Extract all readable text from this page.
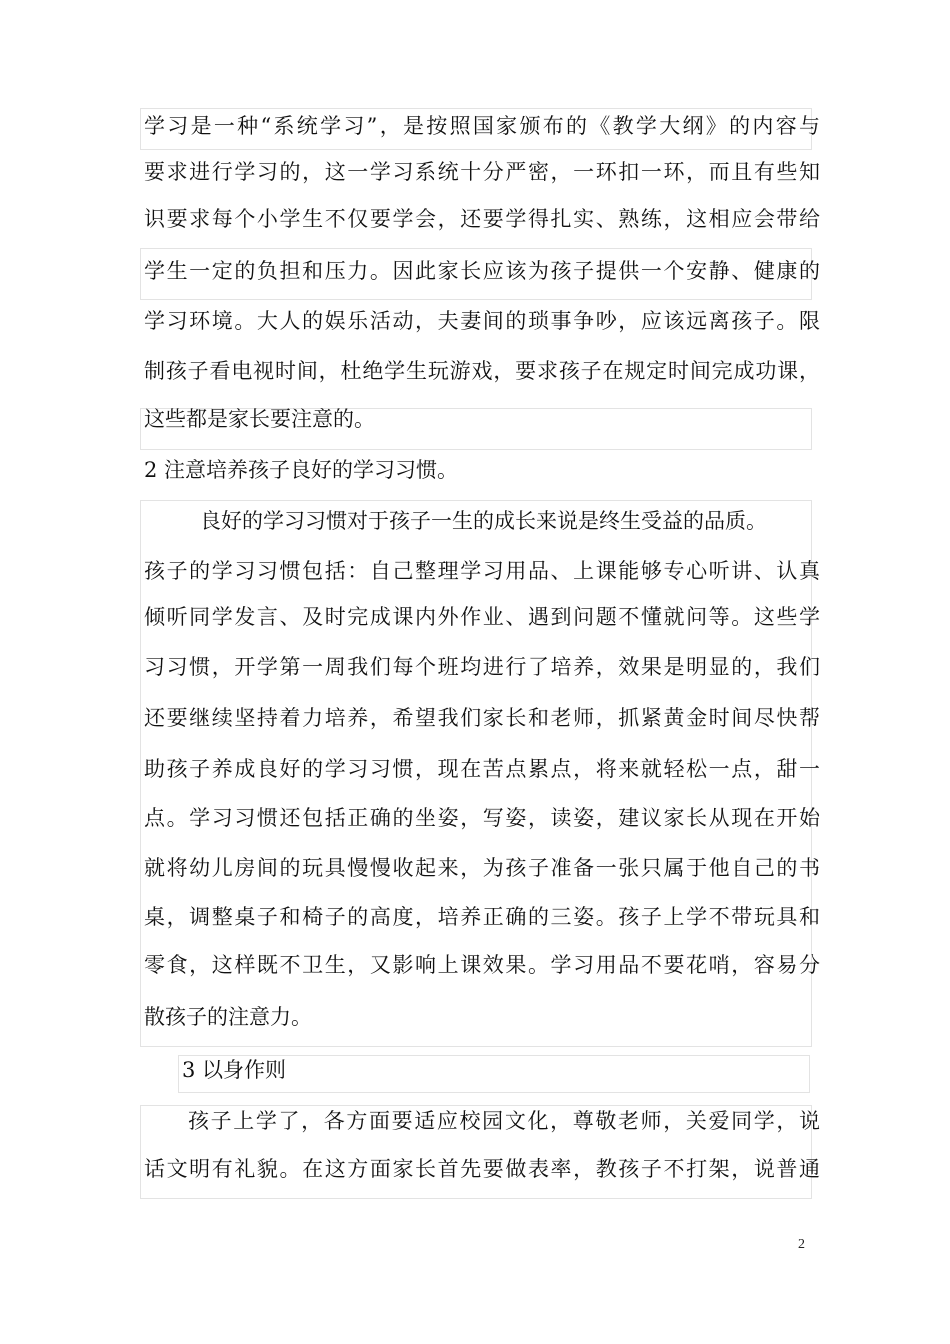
学习是一种“系统学习”，是按照国家颁布的《教学大纲》的内容与
要求进行学习的，这一学习系统十分严密，一环扣一环，而且有些知
识要求每个小学生不仅要学会，还要学得扎实、熟练，这相应会带给
学生一定的负担和压力。因此家长应该为孩子提供一个安静、健康的
学习环境。大人的娱乐活动，夫妻间的琐事争吵，应该远离孩子。限
制孩子看电视时间，杜绝学生玩游戏，要求孩子在规定时间完成功课，
这些都是家长要注意的。
2 注意培养孩子良好的学习习惯。
良好的学习习惯对于孩子一生的成长来说是终生受益的品质。
孩子的学习习惯包括：自己整理学习用品、上课能够专心听讲、认真
倾听同学发言、及时完成课内外作业、遇到问题不懂就问等。这些学
习习惯，开学第一周我们每个班均进行了培养，效果是明显的，我们
还要继续坚持着力培养，希望我们家长和老师，抓紧黄金时间尽快帮
助孩子养成良好的学习习惯，现在苦点累点，将来就轻松一点，甜一
点。学习习惯还包括正确的坐姿，写姿，读姿，建议家长从现在开始
就将幼儿房间的玩具慢慢收起来，为孩子准备一张只属于他自己的书
桌，调整桌子和椅子的高度，培养正确的三姿。孩子上学不带玩具和
零食，这样既不卫生，又影响上课效果。学习用品不要花哨，容易分
散孩子的注意力。
3 以身作则
孩子上学了，各方面要适应校园文化，尊敬老师，关爱同学，说
话文明有礼貌。在这方面家长首先要做表率，教孩子不打架，说普通
2
